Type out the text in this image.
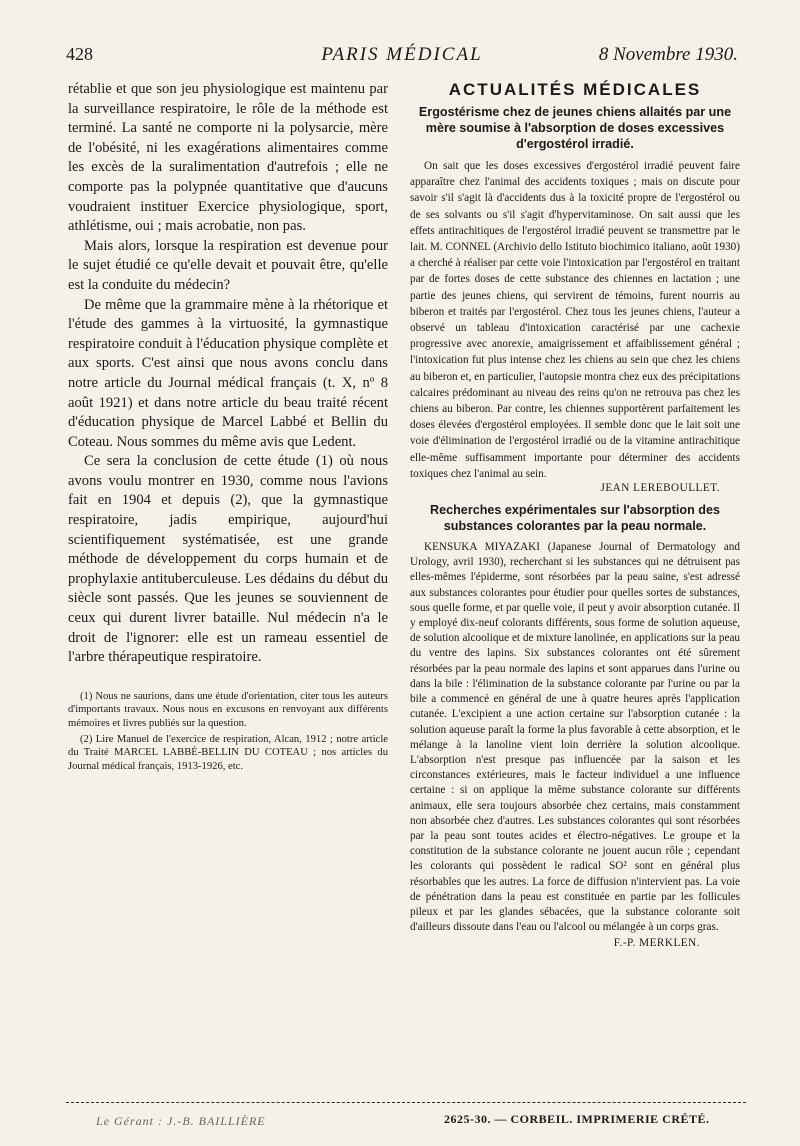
428	PARIS MÉDICAL	8 Novembre 1930.

rétablie et que son jeu physiologique est maintenu par la surveillance respiratoire, le rôle de la méthode est terminé. La santé ne comporte ni la polysarcie, mère de l'obésité, ni les exagérations alimentaires comme les excès de la suralimentation d'autrefois ; elle ne comporte pas la polypnée quantitative que d'aucuns voudraient instituer Exercice physiologique, sport, athlétisme, oui ; mais acrobatie, non pas.

Mais alors, lorsque la respiration est devenue pour le sujet étudié ce qu'elle devait et pouvait être, qu'elle est la conduite du médecin?

De même que la grammaire mène à la rhétorique et l'étude des gammes à la virtuosité, la gymnastique respiratoire conduit à l'éducation physique complète et aux sports. C'est ainsi que nous avons conclu dans notre article du Journal médical français (t. X, nº 8 août 1921) et dans notre article du beau traité récent d'éducation physique de Marcel Labbé et Bellin du Coteau. Nous sommes du même avis que Ledent.

Ce sera la conclusion de cette étude (1) où nous avons voulu montrer en 1930, comme nous l'avions fait en 1904 et depuis (2), que la gymnastique respiratoire, jadis empirique, aujourd'hui scientifiquement systématisée, est une grande méthode de développement du corps humain et de prophylaxie antituberculeuse. Les dédains du début du siècle sont passés. Que les jeunes se souviennent de ceux qui durent livrer bataille. Nul médecin n'a le droit de l'ignorer: elle est un rameau essentiel de l'arbre thérapeutique respiratoire.

(1) Nous ne saurions, dans une étude d'orientation, citer tous les auteurs d'importants travaux. Nous nous en excusons en renvoyant aux différents mémoires et livres publiés sur la question.

(2) Lire Manuel de l'exercice de respiration, Alcan, 1912 ; notre article du Traité MARCEL LABBÉ-BELLIN DU COTEAU ; nos articles du Journal médical français, 1913-1926, etc.

ACTUALITÉS MÉDICALES
Ergostérisme chez de jeunes chiens allaités par une mère soumise à l'absorption de doses excessives d'ergostérol irradié.

On sait que les doses excessives d'ergostérol irradié peuvent faire apparaître chez l'animal des accidents toxiques ; mais on discute pour savoir s'il s'agit là d'accidents dus à la toxicité propre de l'ergostérol ou de ses solvants ou s'il s'agit d'hypervitaminose. On sait aussi que les effets antirachitiques de l'ergostérol irradié peuvent se transmettre par le lait. M. CONNEL (Archivio dello Istituto biochimico italiano, août 1930) a cherché à réaliser par cette voie l'intoxication par l'ergostérol en traitant par de fortes doses de cette substance des chiennes en lactation ; une partie des jeunes chiens, qui servirent de témoins, furent nourris au biberon et traités par l'ergostérol. Chez tous les jeunes chiens, l'auteur a observé un tableau d'intoxication caractérisé par une cachexie progressive avec anorexie, amaigrissement et affaiblissement général ; l'intoxication fut plus intense chez les chiens au sein que chez les chiens au biberon et, en particulier, l'autopsie montra chez eux des précipitations calcaires prédominant au niveau des reins qu'on ne retrouva pas chez les chiens au biberon. Par contre, les chiennes supportèrent parfaitement les doses élevées d'ergostérol employées. Il semble donc que le lait soit une voie d'élimination de l'ergostérol irradié ou de la vitamine antirachitique elle-même suffisamment importante pour déterminer des accidents toxiques chez l'animal au sein.

JEAN LEREBOULLET.
Recherches expérimentales sur l'absorption des substances colorantes par la peau normale.

KENSUKA MIYAZAKI (Japanese Journal of Dermatology and Urology, avril 1930), recherchant si les substances qui ne détruisent pas elles-mêmes l'épiderme, sont résorbées par la peau saine, s'est adressé aux substances colorantes pour étudier pour quelles sortes de substances, sous quelle forme, et par quelle voie, il peut y avoir absorption cutanée. Il y employé dix-neuf colorants différents, sous forme de solution aqueuse, de solution alcoolique et de mixture lanolinée, en applications sur la peau du ventre des lapins. Six substances colorantes ont été sûrement résorbées par la peau normale des lapins et sont apparues dans l'urine ou dans la bile : l'élimination de la substance colorante par l'urine ou par la bile a commencé en général de une à quatre heures après l'application cutanée. L'excipient a une action certaine sur l'absorption cutanée : la solution aqueuse paraît la forme la plus favorable à cette absorption, et le mélange à la lanoline vient loin derrière la solution alcoolique. L'absorption n'est presque pas influencée par la saison et les circonstances extérieures, mais le facteur individuel a une influence certaine : si on applique la même substance colorante sur différents animaux, elle sera toujours absorbée chez certains, mais constamment non absorbée chez d'autres. Les substances colorantes qui sont résorbées par la peau sont toutes acides et électro-négatives. Le groupe et la constitution de la substance colorante ne jouent aucun rôle ; cependant les colorants qui possèdent le radical SO² sont en général plus résorbables que les autres. La force de diffusion n'intervient pas. La voie de pénétration dans la peau est constituée en partie par les follicules pileux et par les glandes sébacées, que la substance colorante soit d'ailleurs dissoute dans l'eau ou l'alcool ou mélangée à un corps gras.

F.-P. MERKLEN.
Le Gérant : J.-B. BAILLIÈRE	2625-30. — CORBEIL. IMPRIMERIE CRÉTÉ.
